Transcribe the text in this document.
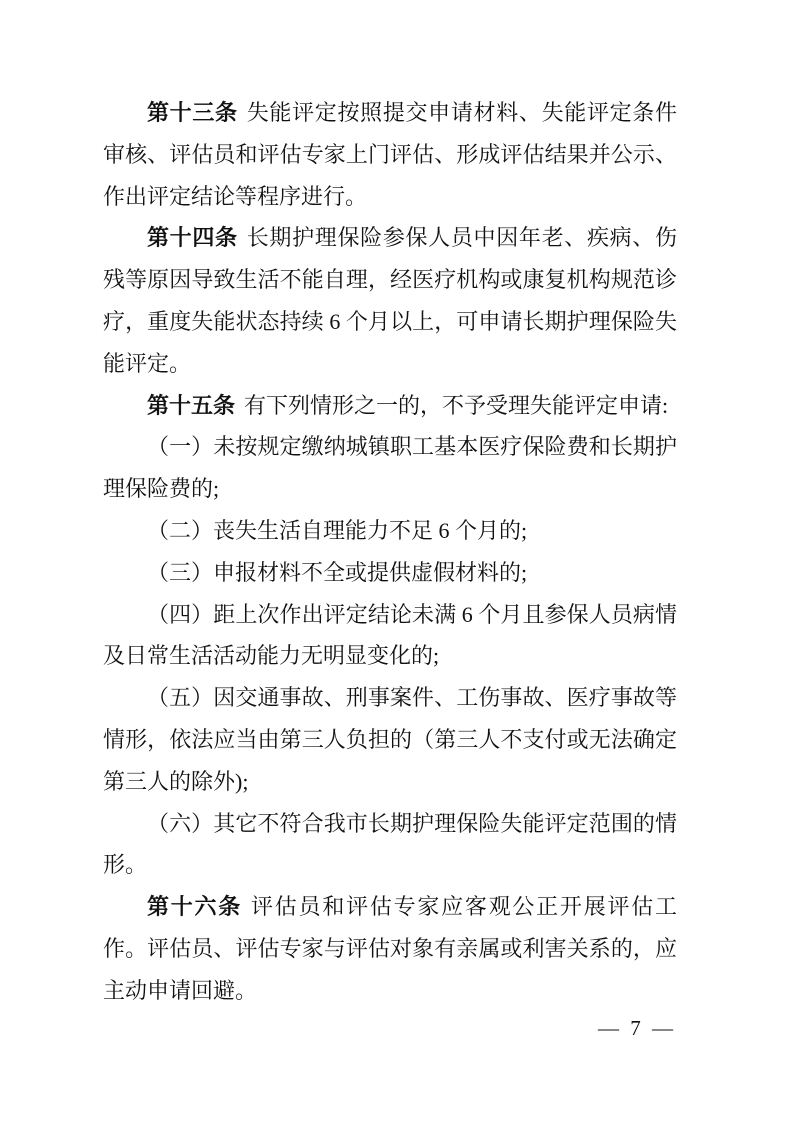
第十三条 失能评定按照提交申请材料、失能评定条件审核、评估员和评估专家上门评估、形成评估结果并公示、作出评定结论等程序进行。

第十四条 长期护理保险参保人员中因年老、疾病、伤残等原因导致生活不能自理，经医疗机构或康复机构规范诊疗，重度失能状态持续 6 个月以上，可申请长期护理保险失能评定。

第十五条 有下列情形之一的，不予受理失能评定申请:

（一）未按规定缴纳城镇职工基本医疗保险费和长期护理保险费的;

（二）丧失生活自理能力不足 6 个月的;

（三）申报材料不全或提供虚假材料的;

（四）距上次作出评定结论未满 6 个月且参保人员病情及日常生活活动能力无明显变化的;

（五）因交通事故、刑事案件、工伤事故、医疗事故等情形，依法应当由第三人负担的（第三人不支付或无法确定第三人的除外);

（六）其它不符合我市长期护理保险失能评定范围的情形。

第十六条 评估员和评估专家应客观公正开展评估工作。评估员、评估专家与评估对象有亲属或利害关系的，应主动申请回避。

— 7 —
